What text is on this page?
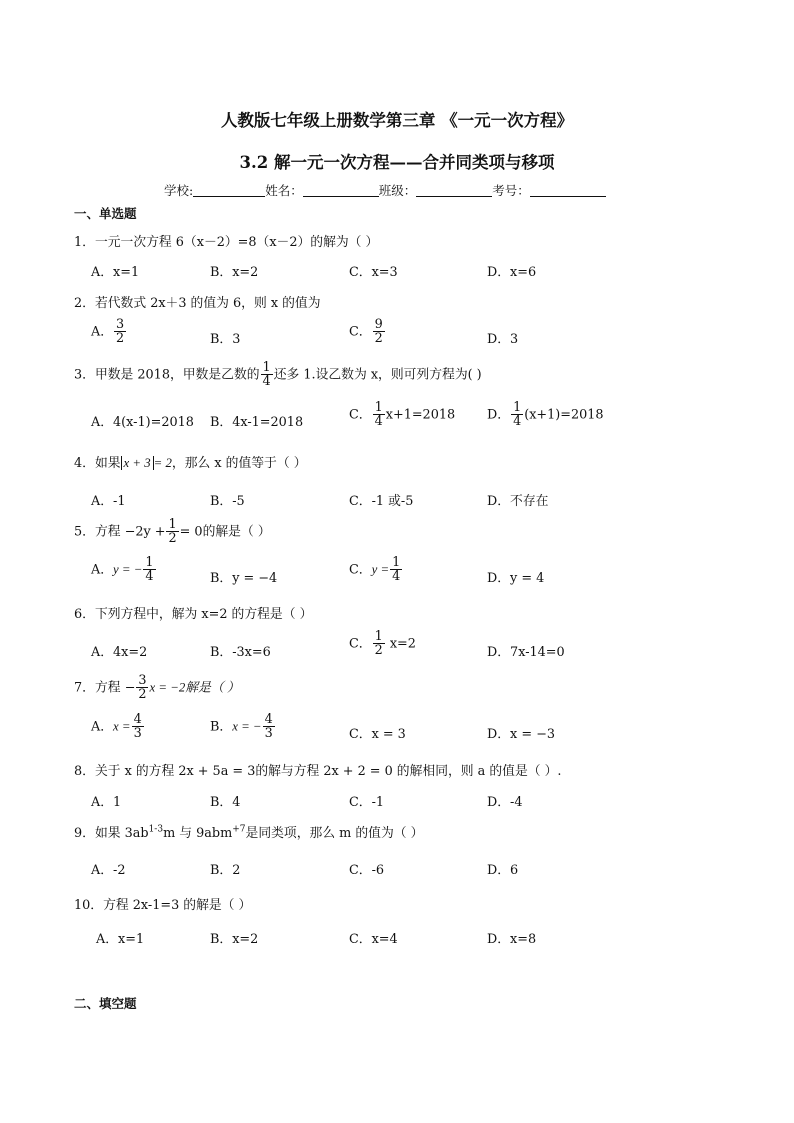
人教版七年级上册数学第三章 《一元一次方程》
3.2 解一元一次方程——合并同类项与移项
学校:	姓名：	班级：	考号：
一、单选题
1．一元一次方程 6（x－2）=8（x－2）的解为（ ）
A．x=1	B．x=2	C．x=3	D．x=6
2．若代数式 2x＋3 的值为 6，则 x 的值为
A． $\frac{3}{2}$	B．3
C． $\frac{9}{2}$	D．3
3．甲数是 2018，甲数是乙数的 $\frac{1}{4}$ 还多 1.设乙数为 x，则可列方程为( )
A．4(x-1)=2018 B．4x-1=2018
C． $\frac{1}{4} x+1=2018$ D． $\frac{1}{4} (x+1)=2018$
4．如果 x + 3 = 2，那么 x 的值等于（ ）
A．-1	B．-5	C．-1 或-5	D．不存在
5．方程 $-2y + \frac{1}{2} = 0$的解是（ ）
A．y = − $\frac{1}{4}$	B．y = −4
C．$y = \frac{1}{4}$	D．y = 4
6．下列方程中，解为 x=2 的方程是（ ）
A．4x=2	B．-3x=6
C． $\frac{1}{2} x=2$
D．7x-14=0
7．方程 − $\frac{3}{2}$ x = −2解是（ ）
A．$x = \frac{4}{3}$	B．x = − $\frac{4}{3}$	C．x = 3	D．x = −3
8．关于 x 的方程 2x + 5a = 3的解与方程 2x + 2 = 0 的解相同，则 a 的值是（ ）.
A．1	B．4	C．-1	D．-4
9．如果 $3ab^{1-3}m$ 与 9abm$^{+7}$是同类项，那么 m 的值为（ ）
A．-2	B．2	C．-6	D．6
10．方程 2x-1=3 的解是（ ）
A．x=1	B．x=2	C．x=4	D．x=8
二、填空题
